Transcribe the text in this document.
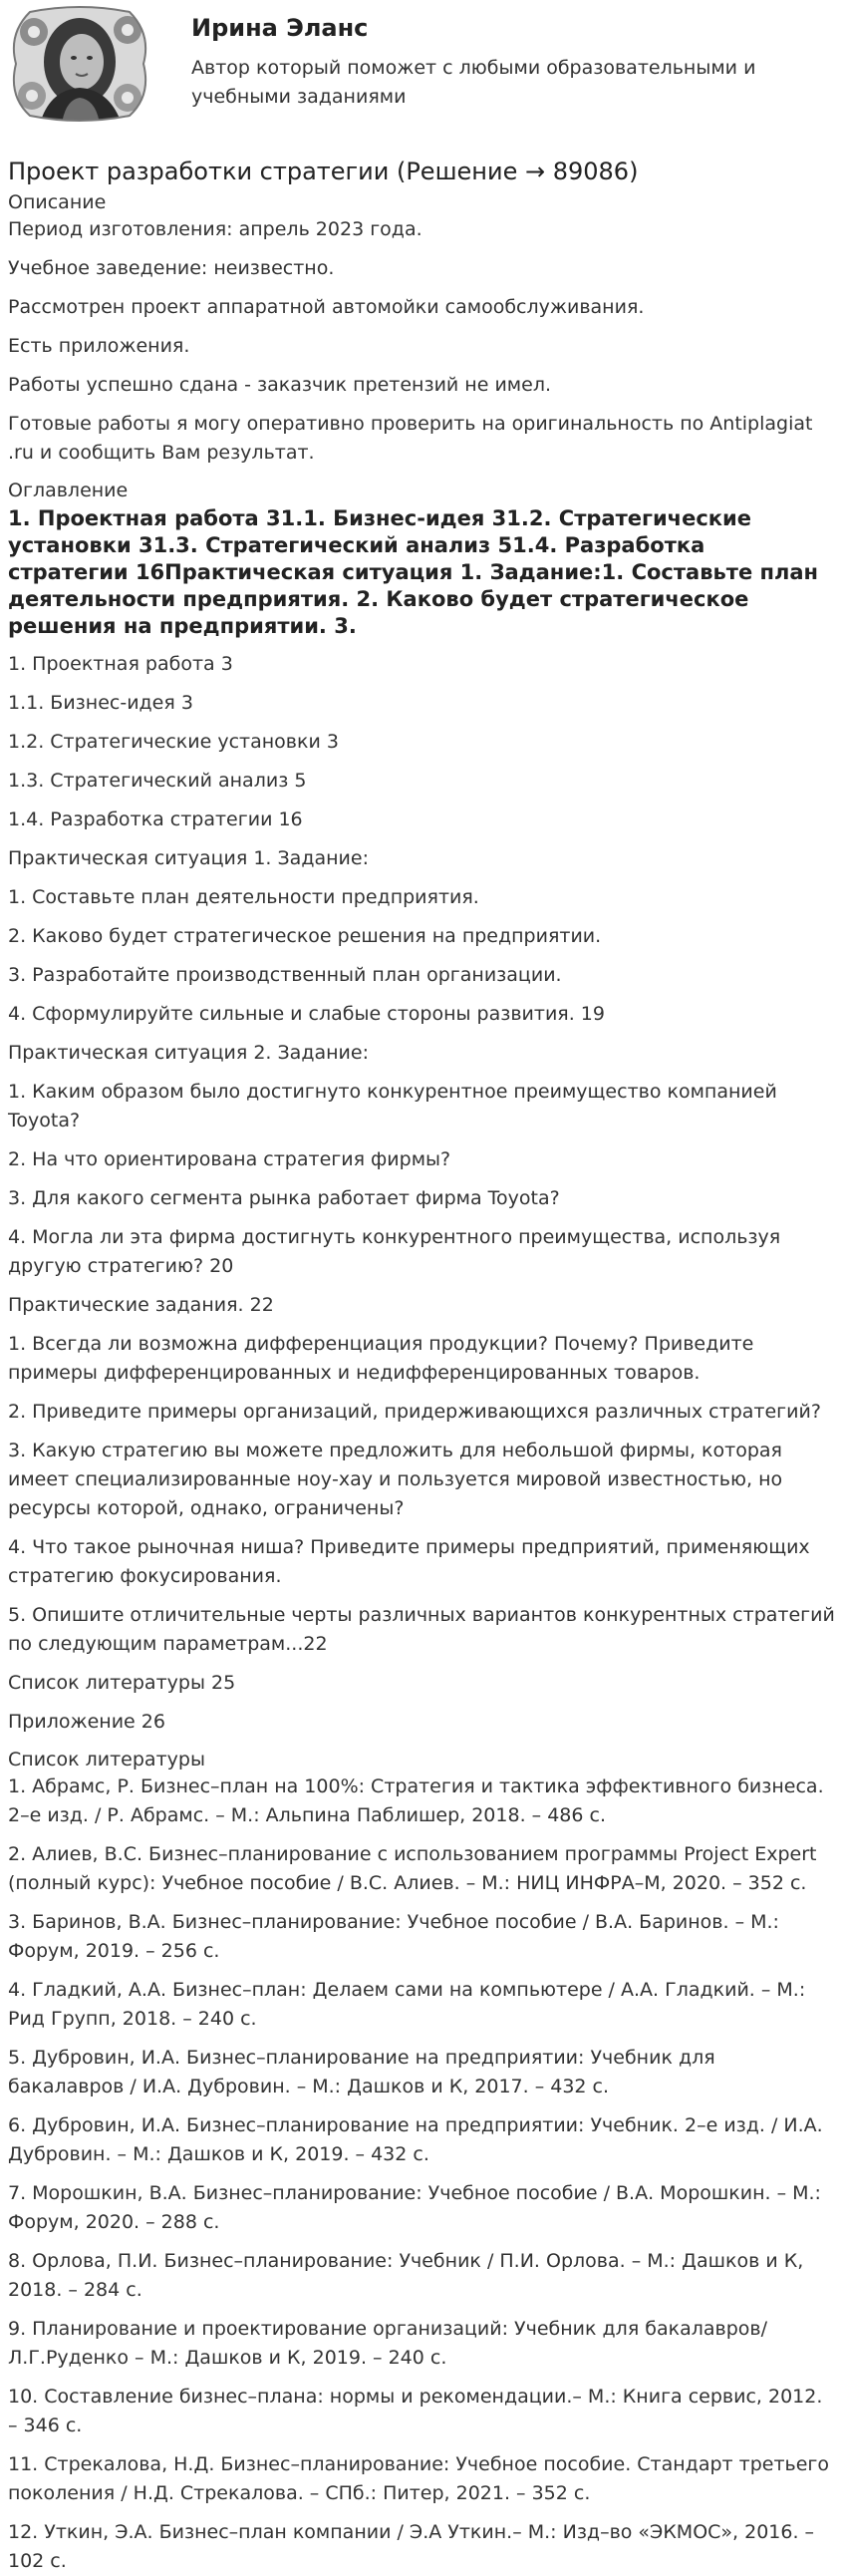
Ирина Эланс
Автор который поможет с любыми образовательными и
учебными заданиями
Проект разработки стратегии (Решение → 89086)
Описание

Период изготовления: апрель 2023 года.

Учебное заведение: неизвестно.

Рассмотрен проект аппаратной автомойки самообслуживания.

Есть приложения.

Работы успешно сдана - заказчик претензий не имел.

Готовые работы я могу оперативно проверить на оригинальность по Antiplagiat .ru и сообщить Вам результат.

Оглавление
1. Проектная работа 31.1. Бизнес-идея 31.2. Стратегические установки 31.3. Стратегический анализ 51.4. Разработка стратегии 16Практическая ситуация 1. Задание:1. Составьте план деятельности предприятия. 2. Каково будет стратегическое решения на предприятии. 3.

1. Проектная работа 3

1.1. Бизнес-идея 3

1.2. Стратегические установки 3

1.3. Стратегический анализ 5

1.4. Разработка стратегии 16

Практическая ситуация 1. Задание:

1. Составьте план деятельности предприятия.

2. Каково будет стратегическое решения на предприятии.

3. Разработайте производственный план организации.

4. Сформулируйте сильные и слабые стороны развития. 19

Практическая ситуация 2. Задание:

1. Каким образом было достигнуто конкурентное преимущество компанией Toyota?

2. На что ориентирована стратегия фирмы?

3. Для какого сегмента рынка работает фирма Toyota?

4. Могла ли эта фирма достигнуть конкурентного преимущества, используя другую стратегию? 20

Практические задания. 22

1. Всегда ли возможна дифференциация продукции? Почему? Приведите примеры дифференцированных и недифференцированных товаров.

2. Приведите примеры организаций, придерживающихся различных стратегий?

3. Какую стратегию вы можете предложить для небольшой фирмы, которая имеет специализированные ноу-хау и пользуется мировой известностью, но ресурсы которой, однако, ограничены?

4. Что такое рыночная ниша? Приведите примеры предприятий, применяющих стратегию фокусирования.

5. Опишите отличительные черты различных вариантов конкурентных стратегий по следующим параметрам...22

Список литературы 25

Приложение 26

Список литературы

1. Абрамс, Р. Бизнес–план на 100%: Стратегия и тактика эффективного бизнеса. 2–е изд. / Р. Абрамс. – М.: Альпина Паблишер, 2018. – 486 с.

2. Алиев, В.С. Бизнес–планирование с использованием программы Project Expert (полный курс): Учебное пособие / В.С. Алиев. – М.: НИЦ ИНФРА–М, 2020. – 352 с.

3. Баринов, В.А. Бизнес–планирование: Учебное пособие / В.А. Баринов. – М.: Форум, 2019. – 256 с.

4. Гладкий, А.А. Бизнес–план: Делаем сами на компьютере / А.А. Гладкий. – М.: Рид Групп, 2018. – 240 с.

5. Дубровин, И.А. Бизнес–планирование на предприятии: Учебник для бакалавров / И.А. Дубровин. – М.: Дашков и К, 2017. – 432 с.

6. Дубровин, И.А. Бизнес–планирование на предприятии: Учебник. 2–е изд. / И.А. Дубровин. – М.: Дашков и К, 2019. – 432 с.

7. Морошкин, В.А. Бизнес–планирование: Учебное пособие / В.А. Морошкин. – М.: Форум, 2020. – 288 с.

8. Орлова, П.И. Бизнес–планирование: Учебник / П.И. Орлова. – М.: Дашков и К, 2018. – 284 с.

9. Планирование и проектирование организаций: Учебник для бакалавров/Л.Г.Руденко – М.: Дашков и К, 2019. – 240 с.

10. Составление бизнес–плана: нормы и рекомендации.– М.: Книга сервис, 2012. – 346 с.

11. Стрекалова, Н.Д. Бизнес–планирование: Учебное пособие. Стандарт третьего поколения / Н.Д. Стрекалова. – СПб.: Питер, 2021. – 352 с.

12. Уткин, Э.А. Бизнес–план компании / Э.А Уткин.– М.: Изд–во «ЭКМОС», 2016. – 102 с.
